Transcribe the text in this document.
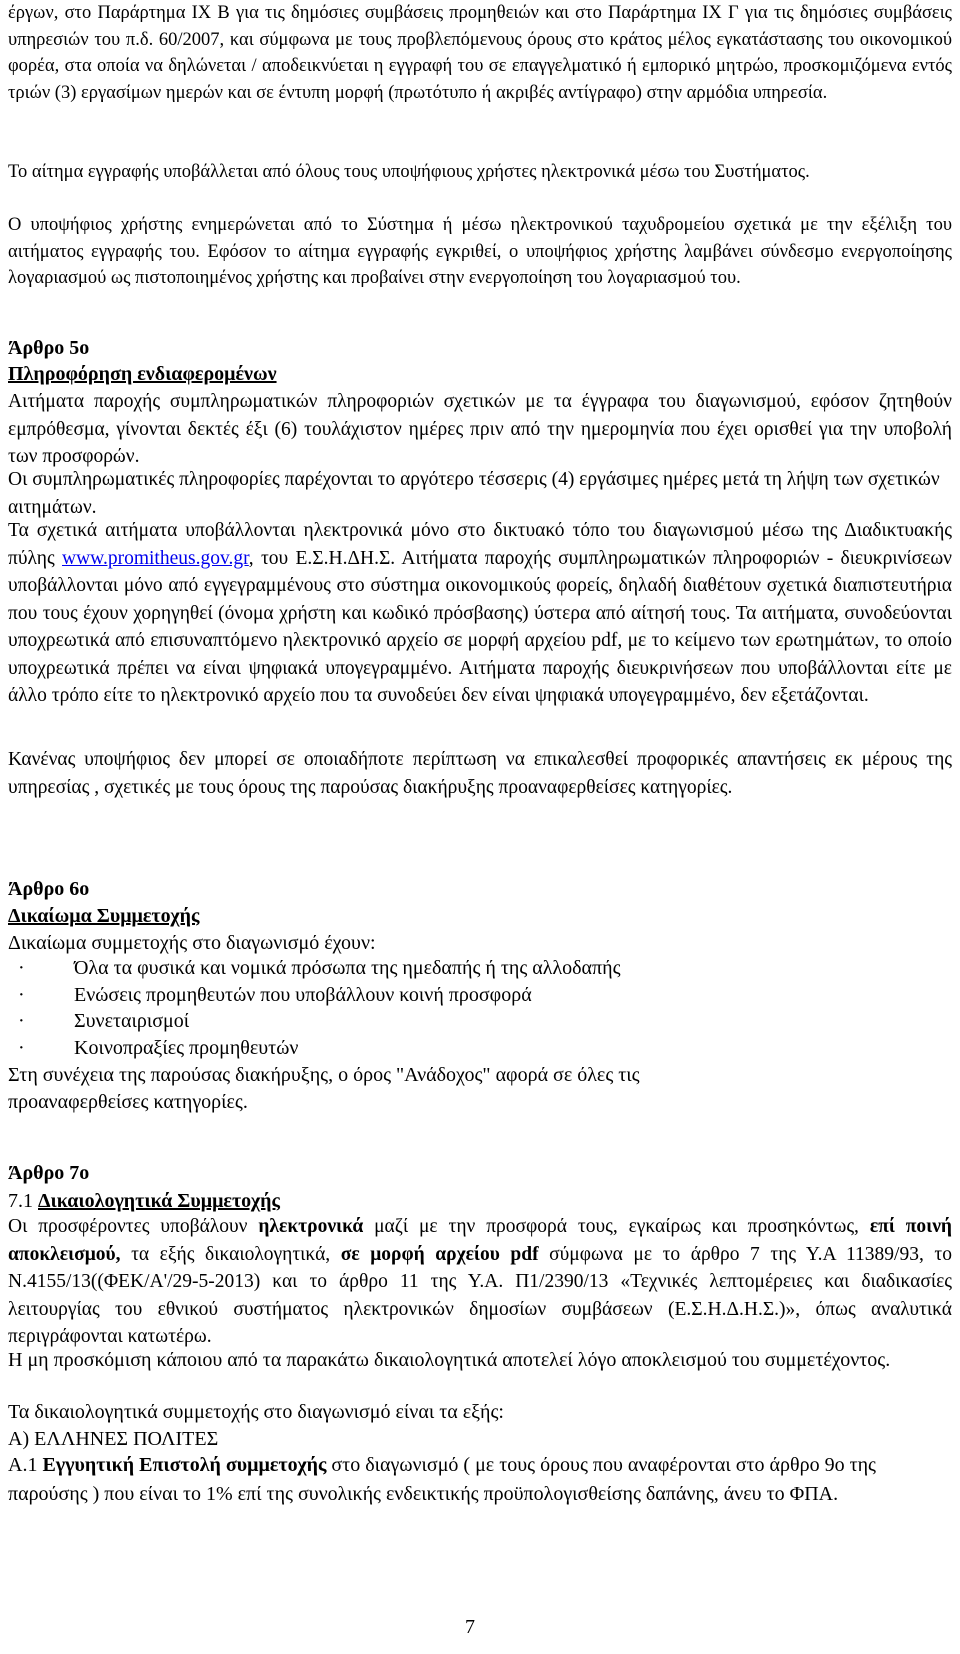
έργων, στο Παράρτημα ΙΧ Β για τις δημόσιες συμβάσεις προμηθειών και στο Παράρτημα ΙΧ Γ για τις δημόσιες συμβάσεις υπηρεσιών του π.δ. 60/2007, και σύμφωνα με τους προβλεπόμενους όρους στο κράτος μέλος εγκατάστασης του οικονομικού φορέα, στα οποία να δηλώνεται / αποδεικνύεται η εγγραφή του σε επαγγελματικό ή εμπορικό μητρώο, προσκομιζόμενα εντός τριών (3) εργασίμων ημερών και σε έντυπη μορφή (πρωτότυπο ή ακριβές αντίγραφο) στην αρμόδια υπηρεσία.

Το αίτημα εγγραφής υποβάλλεται από όλους τους υποψήφιους χρήστες ηλεκτρονικά μέσω του Συστήματος.

Ο υποψήφιος χρήστης ενημερώνεται από το Σύστημα ή μέσω ηλεκτρονικού ταχυδρομείου σχετικά με την εξέλιξη του αιτήματος εγγραφής του. Εφόσον το αίτημα εγγραφής εγκριθεί, ο υποψήφιος χρήστης λαμβάνει σύνδεσμο ενεργοποίησης λογαριασμού ως πιστοποιημένος χρήστης και προβαίνει στην ενεργοποίηση του λογαριασμού του.

Άρθρο 5ο
Πληροφόρηση ενδιαφερομένων

Αιτήματα παροχής συμπληρωματικών πληροφοριών σχετικών με τα έγγραφα του διαγωνισμού, εφόσον ζητηθούν εμπρόθεσμα, γίνονται δεκτές έξι (6) τουλάχιστον ημέρες πριν από την ημερομηνία που έχει ορισθεί για την υποβολή των προσφορών.

Οι συμπληρωματικές πληροφορίες παρέχονται το αργότερο τέσσερις (4) εργάσιμες ημέρες μετά τη λήψη των σχετικών αιτημάτων.

Τα σχετικά αιτήματα υποβάλλονται ηλεκτρονικά μόνο στο δικτυακό τόπο του διαγωνισμού μέσω της Διαδικτυακής πύλης www.promitheus.gov.gr, του Ε.Σ.Η.ΔΗ.Σ. Αιτήματα παροχής συμπληρωματικών πληροφοριών - διευκρινίσεων υποβάλλονται μόνο από εγγεγραμμένους στο σύστημα οικονομικούς φορείς, δηλαδή διαθέτουν σχετικά διαπιστευτήρια που τους έχουν χορηγηθεί (όνομα χρήστη και κωδικό πρόσβασης) ύστερα από αίτησή τους. Τα αιτήματα, συνοδεύονται υποχρεωτικά από επισυναπτόμενο ηλεκτρονικό αρχείο σε μορφή αρχείου pdf, με το κείμενο των ερωτημάτων, το οποίο υποχρεωτικά πρέπει να είναι ψηφιακά υπογεγραμμένο. Αιτήματα παροχής διευκρινήσεων που υποβάλλονται είτε με άλλο τρόπο είτε το ηλεκτρονικό αρχείο που τα συνοδεύει δεν είναι ψηφιακά υπογεγραμμένο, δεν εξετάζονται.

Κανένας υποψήφιος δεν μπορεί σε οποιαδήποτε περίπτωση να επικαλεσθεί προφορικές απαντήσεις εκ μέρους της υπηρεσίας , σχετικές με τους όρους της παρούσας διακήρυξης προαναφερθείσες κατηγορίες.

Άρθρο 6ο
Δικαίωμα Συμμετοχής
Δικαίωμα συμμετοχής στο διαγωνισμό έχουν:
· Όλα τα φυσικά και νομικά πρόσωπα της ημεδαπής ή της αλλοδαπής
· Ενώσεις προμηθευτών που υποβάλλουν κοινή προσφορά
· Συνεταιρισμοί
· Κοινοπραξίες προμηθευτών
Στη συνέχεια της παρούσας διακήρυξης, ο όρος "Ανάδοχος" αφορά σε όλες τις
προαναφερθείσες κατηγορίες.
Άρθρο 7ο
7.1 Δικαιολογητικά Συμμετοχής

Οι προσφέροντες υποβάλουν ηλεκτρονικά μαζί με την προσφορά τους, εγκαίρως και προσηκόντως, επί ποινή αποκλεισμού, τα εξής δικαιολογητικά, σε μορφή αρχείου pdf σύμφωνα με το άρθρο 7 της Υ.Α 11389/93, το Ν.4155/13((ΦΕΚ/Α'/29-5-2013) και το άρθρο 11 της Υ.Α. Π1/2390/13 «Τεχνικές λεπτομέρειες και διαδικασίες λειτουργίας του εθνικού συστήματος ηλεκτρονικών δημοσίων συμβάσεων (Ε.Σ.Η.Δ.Η.Σ.)», όπως αναλυτικά περιγράφονται κατωτέρω.

Η μη προσκόμιση κάποιου από τα παρακάτω δικαιολογητικά αποτελεί λόγο αποκλεισμού του συμμετέχοντος.

Τα δικαιολογητικά συμμετοχής στο διαγωνισμό είναι τα εξής:
Α) ΕΛΛΗΝΕΣ ΠΟΛΙΤΕΣ

Α.1 Εγγυητική Επιστολή συμμετοχής στο διαγωνισμό ( με τους όρους που αναφέρονται στο άρθρο 9ο της παρούσης ) που είναι το 1% επί της συνολικής ενδεικτικής προϋπολογισθείσης δαπάνης, άνευ το ΦΠΑ.

7
